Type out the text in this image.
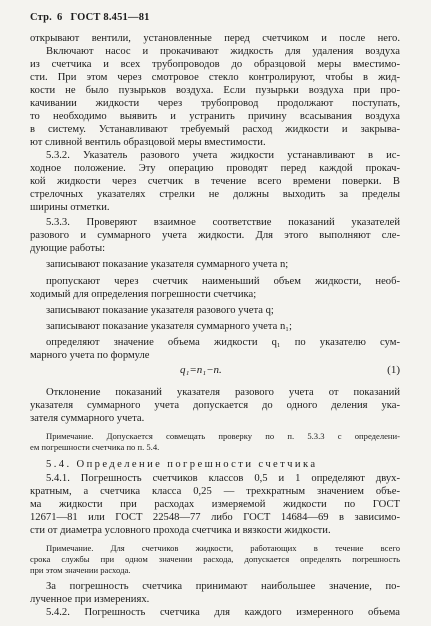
Стр. 6 ГОСТ 8.451—81
открывают вентили, установленные перед счетчиком и после него.
Включают насос и прокачивают жидкость для удаления воздуха
из счетчика и всех трубопроводов до образцовой меры вместимо-
сти. При этом через смотровое стекло контролируют, чтобы в жид-
кости не было пузырьков воздуха. Если пузырьки воздуха при про-
качивании жидкости через трубопровод продолжают поступать,
то необходимо выявить и устранить причину всасывания воздуха
в систему. Устанавливают требуемый расход жидкости и закрыва-
ют сливной вентиль образцовой меры вместимости.
5.3.2. Указатель разового учета жидкости устанавливают в ис-
ходное положение. Эту операцию проводят перед каждой прокач-
кой жидкости через счетчик в течение всего времени поверки. В
стрелочных указателях стрелки не должны выходить за пределы
ширины отметки.
5.3.3. Проверяют взаимное соответствие показаний указателей
разового и суммарного учета жидкости. Для этого выполняют сле-
дующие работы:
записывают показание указателя суммарного учета n;
пропускают через счетчик наименьший объем жидкости, необ-
ходимый для определения погрешности счетчика;
записывают показание указателя разового учета q;
записывают показание указателя суммарного учета n₁;
определяют значение объема жидкости q₁ по указателю сум-
марного учета по формуле
q₁=n₁−n.	(1)
Отклонение показаний указателя разового учета от показаний
указателя суммарного учета допускается до одного деления ука-
зателя суммарного учета.
Примечание. Допускается совмещать проверку по п. 5.3.3 с определени-
ем погрешности счетчика по п. 5.4.
5.4. Определение погрешности счетчика
5.4.1. Погрешность счетчиков классов 0,5 и 1 определяют двух-
кратным, а счетчика класса 0,25 — трехкратным значением объе-
ма жидкости при расходах измеряемой жидкости по ГОСТ
12671—81 или ГОСТ 22548—77 либо ГОСТ 14684—69 в зависимо-
сти от диаметра условного прохода счетчика и вязкости жидкости.
Примечание. Для счетчиков жидкости, работающих в течение всего
срока службы при одном значении расхода, допускается определять погрешность
при этом значении расхода.
За погрешность счетчика принимают наибольшее значение, по-
лученное при измерениях.
5.4.2. Погрешность счетчика для каждого измеренного объема
